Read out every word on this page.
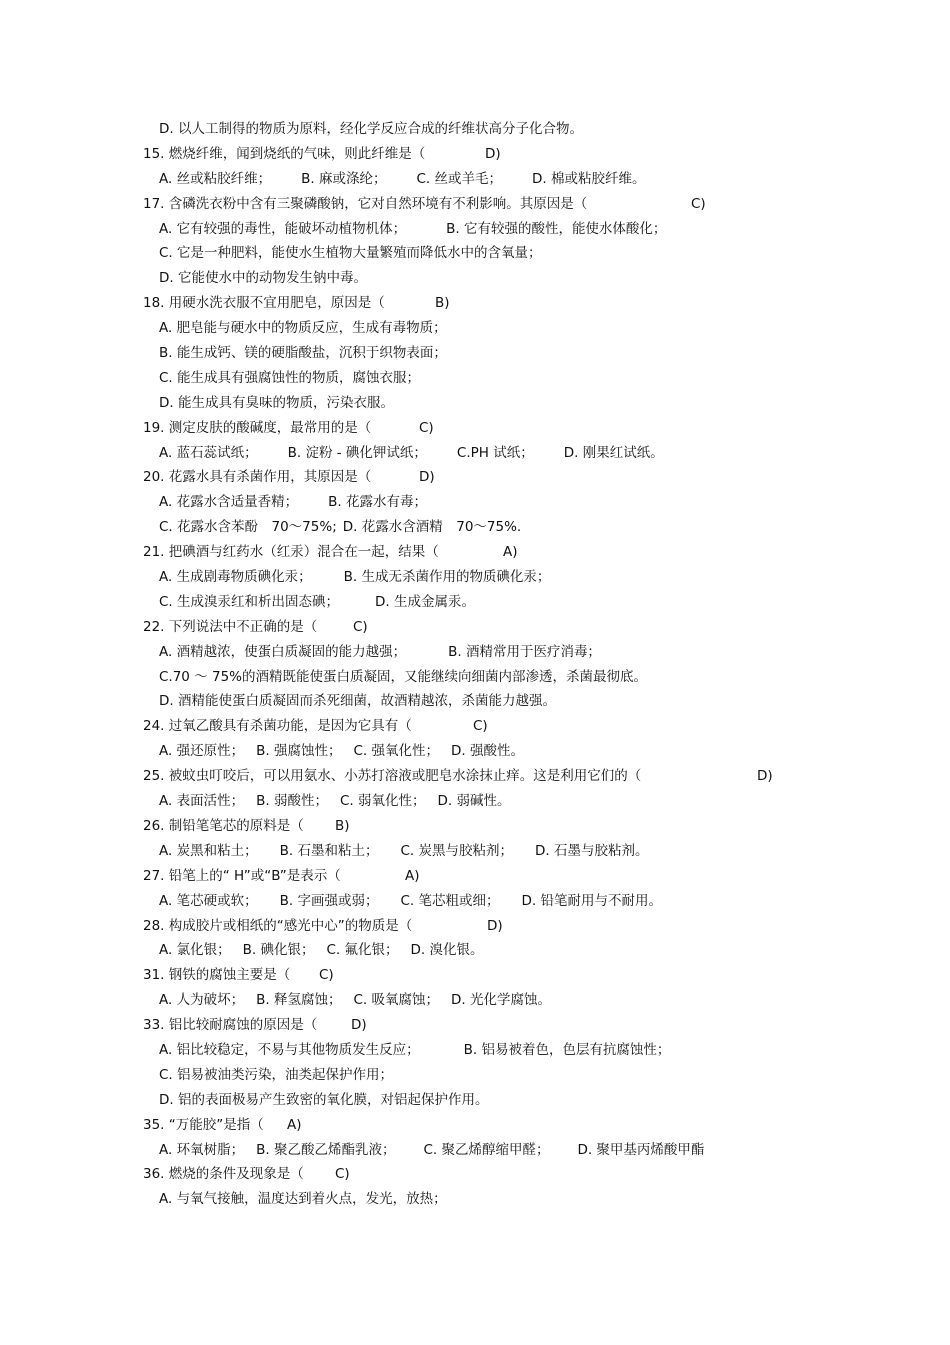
D. 以人工制得的物质为原料，经化学反应合成的纤维状高分子化合物。
15. 燃烧纤维，闻到烧纸的气味，则此纤维是（	D)
A. 丝或粘胶纤维； B. 麻或涤纶； C. 丝或羊毛； D. 棉或粘胶纤维。
17. 含磷洗衣粉中含有三聚磷酸钠，它对自然环境有不利影响。其原因是（	C)
A. 它有较强的毒性，能破坏动植物机体；	B. 它有较强的酸性，能使水体酸化；
C. 它是一种肥料，能使水生植物大量繁殖而降低水中的含氧量；
D. 它能使水中的动物发生钠中毒。
18. 用硬水洗衣服不宜用肥皂，原因是（	B)
A. 肥皂能与硬水中的物质反应，生成有毒物质；
B. 能生成钙、镁的硬脂酸盐，沉积于织物表面；
C. 能生成具有强腐蚀性的物质，腐蚀衣服；
D. 能生成具有臭味的物质，污染衣服。
19. 测定皮肤的酸碱度，最常用的是（	C)
A. 蓝石蕊试纸； B. 淀粉 - 碘化钾试纸； C.PH 试纸； D. 刚果红试纸。
20. 花露水具有杀菌作用，其原因是（	D)
A. 花露水含适量香精； B. 花露水有毒；
C. 花露水含苯酚　70～75%; D. 花露水含酒精　70～75%.
21. 把碘酒与红药水（红汞）混合在一起，结果（	A)
A. 生成剧毒物质碘化汞； B. 生成无杀菌作用的物质碘化汞；
C. 生成溴汞红和析出固态碘；	D. 生成金属汞。
22. 下列说法中不正确的是（	C)
A. 酒精越浓，使蛋白质凝固的能力越强；	B. 酒精常用于医疗消毒；
C.70 ～ 75%的酒精既能使蛋白质凝固，又能继续向细菌内部渗透，杀菌最彻底。
D. 酒精能使蛋白质凝固而杀死细菌，故酒精越浓，杀菌能力越强。
24. 过氧乙酸具有杀菌功能，是因为它具有（	C)
A. 强还原性； B. 强腐蚀性； C. 强氧化性； D. 强酸性。
25. 被蚊虫叮咬后，可以用氨水、小苏打溶液或肥皂水涂抹止痒。这是利用它们的（	D)
A. 表面活性； B. 弱酸性； C. 弱氧化性； D. 弱碱性。
26. 制铅笔笔芯的原料是（ B)
A. 炭黑和粘土； B. 石墨和粘土； C. 炭黑与胶粘剂； D. 石墨与胶粘剂。
27. 铅笔上的“ H”或“B”是表示（	A)
A. 笔芯硬或软； B. 字画强或弱； C. 笔芯粗或细； D. 铅笔耐用与不耐用。
28. 构成胶片或相纸的“感光中心”的物质是（	D)
A. 氯化银； B. 碘化银； C. 氟化银； D. 溴化银。
31. 钢铁的腐蚀主要是（ C)
A. 人为破坏； B. 释氢腐蚀； C. 吸氧腐蚀； D. 光化学腐蚀。
33. 铝比较耐腐蚀的原因是（ D)
A. 铝比较稳定，不易与其他物质发生反应；	B. 铝易被着色，色层有抗腐蚀性；
C. 铝易被油类污染，油类起保护作用；
D. 铝的表面极易产生致密的氧化膜，对铝起保护作用。
35. “万能胶”是指（ A)
A. 环氧树脂； B. 聚乙酸乙烯酯乳液； C. 聚乙烯醇缩甲醛； D. 聚甲基丙烯酸甲酯
36. 燃烧的条件及现象是（ C)
A. 与氧气接触，温度达到着火点，发光，放热；
